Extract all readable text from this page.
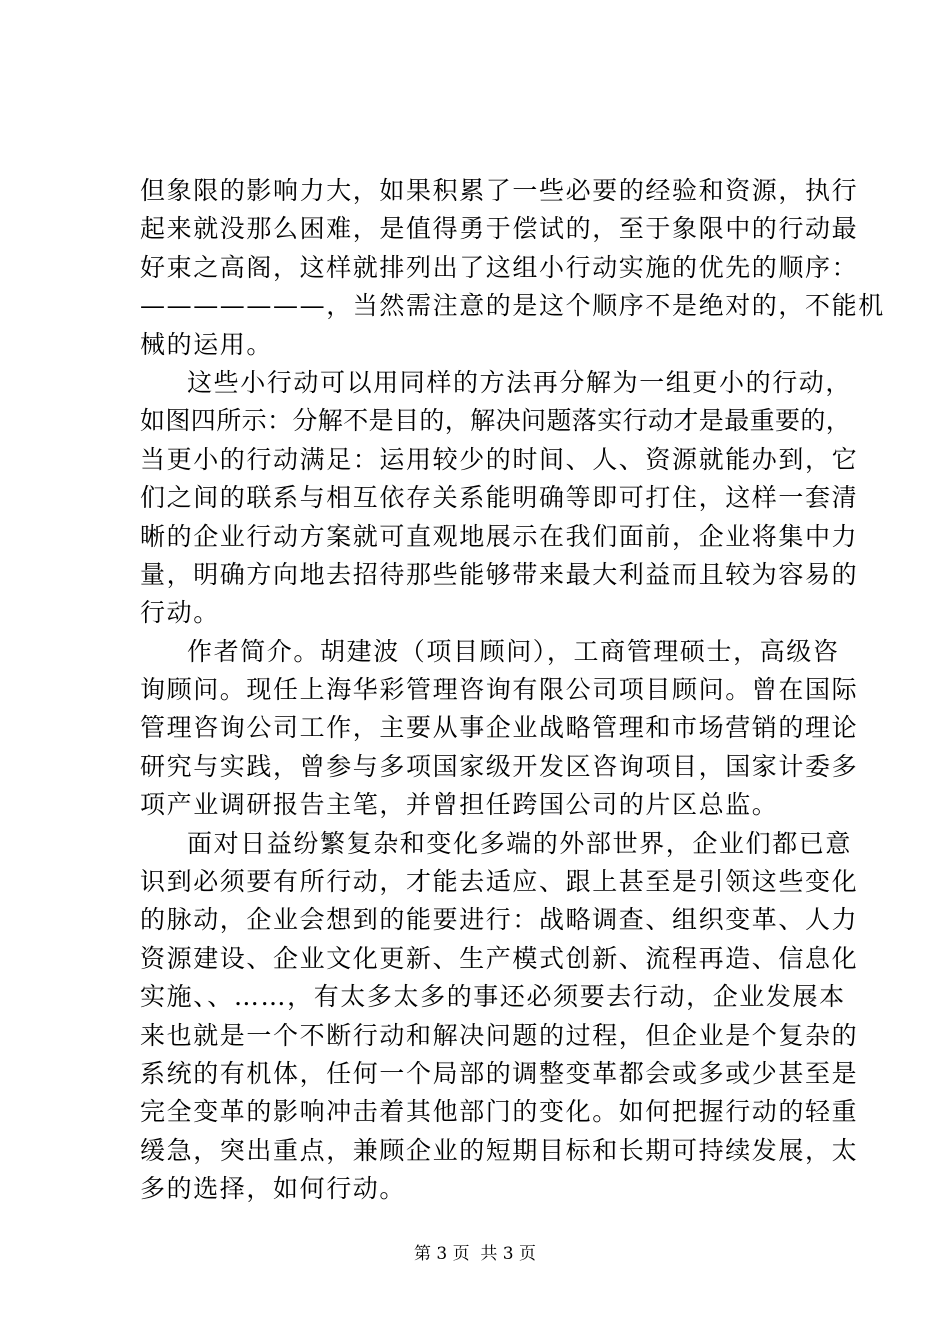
但象限的影响力大，如果积累了一些必要的经验和资源，执行
起来就没那么困难，是值得勇于偿试的，至于象限中的行动最
好束之高阁，这样就排列出了这组小行动实施的优先的顺序：
———————，当然需注意的是这个顺序不是绝对的，不能机
械的运用。
这些小行动可以用同样的方法再分解为一组更小的行动，
如图四所示：分解不是目的，解决问题落实行动才是最重要的，
当更小的行动满足：运用较少的时间、人、资源就能办到，它
们之间的联系与相互依存关系能明确等即可打住，这样一套清
晰的企业行动方案就可直观地展示在我们面前，企业将集中力
量，明确方向地去招待那些能够带来最大利益而且较为容易的
行动。
作者简介。胡建波（项目顾问），工商管理硕士，高级咨
询顾问。现任上海华彩管理咨询有限公司项目顾问。曾在国际
管理咨询公司工作，主要从事企业战略管理和市场营销的理论
研究与实践，曾参与多项国家级开发区咨询项目，国家计委多
项产业调研报告主笔，并曾担任跨国公司的片区总监。
面对日益纷繁复杂和变化多端的外部世界，企业们都已意
识到必须要有所行动，才能去适应、跟上甚至是引领这些变化
的脉动，企业会想到的能要进行：战略调查、组织变革、人力
资源建设、企业文化更新、生产模式创新、流程再造、信息化
实施、、……，有太多太多的事还必须要去行动，企业发展本
来也就是一个不断行动和解决问题的过程，但企业是个复杂的
系统的有机体，任何一个局部的调整变革都会或多或少甚至是
完全变革的影响冲击着其他部门的变化。如何把握行动的轻重
缓急，突出重点，兼顾企业的短期目标和长期可持续发展，太
多的选择，如何行动。
第 3 页  共 3 页
